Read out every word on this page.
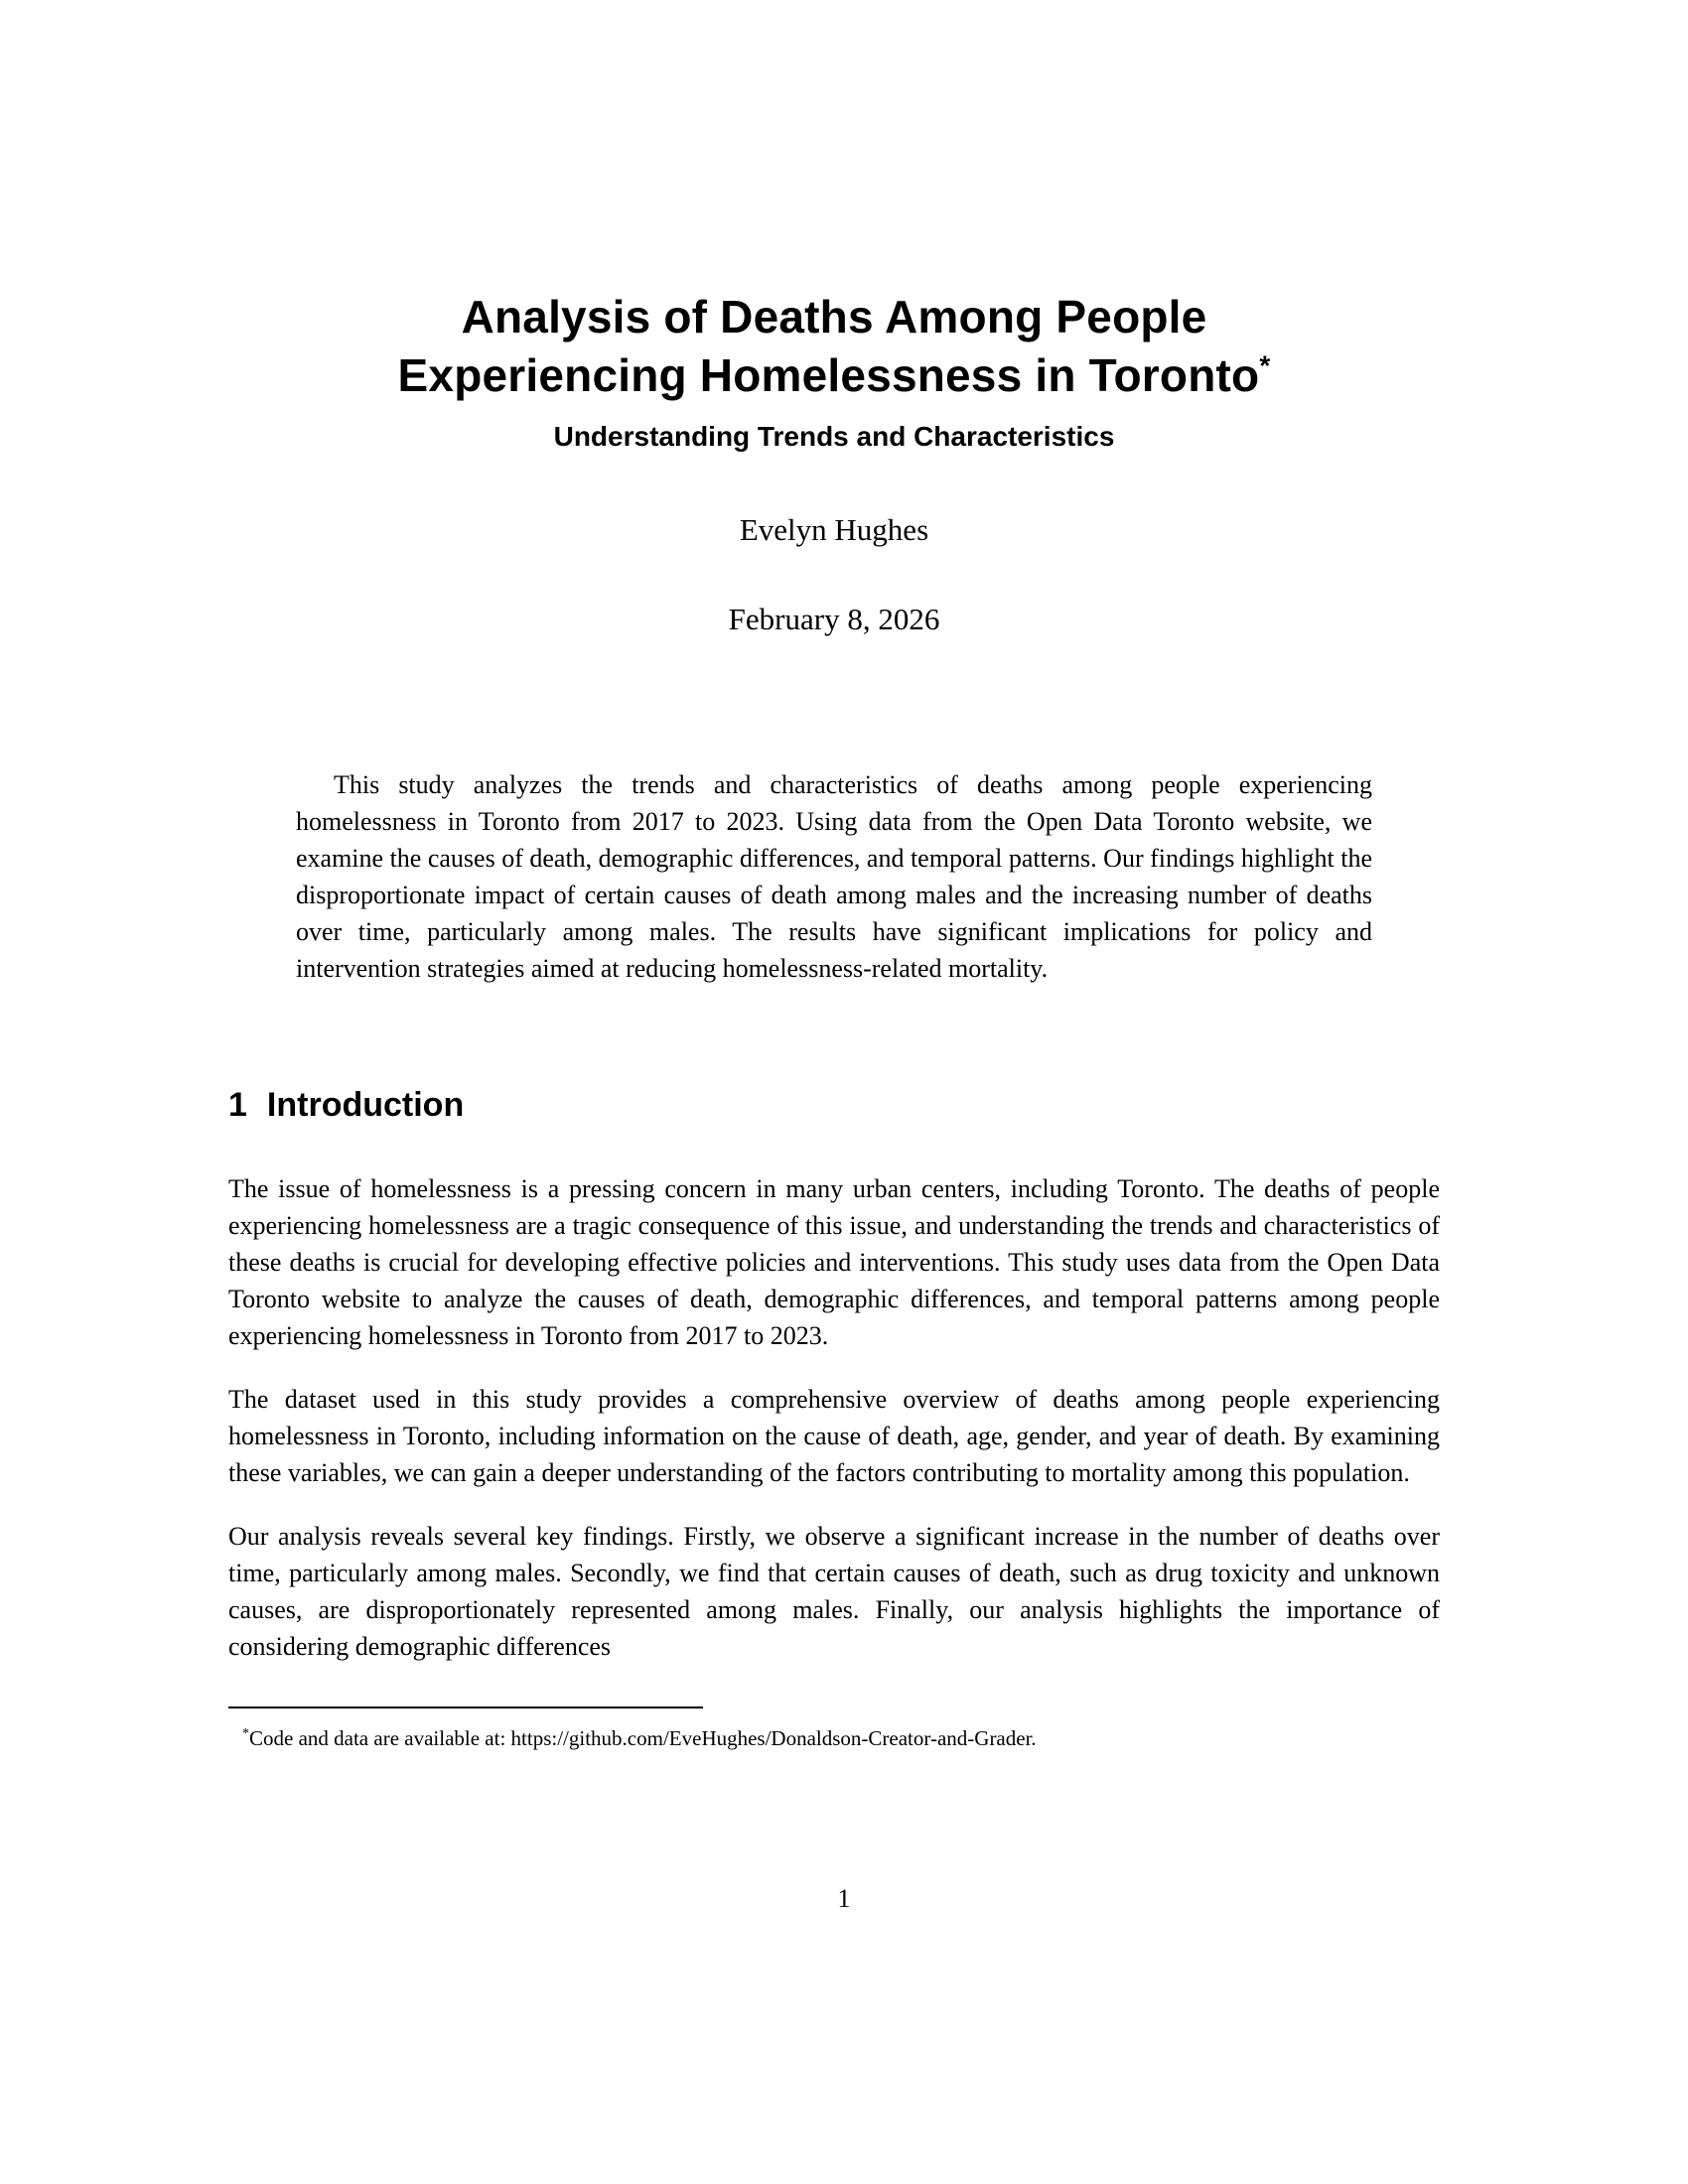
Analysis of Deaths Among People
Experiencing Homelessness in Toronto*
Understanding Trends and Characteristics
Evelyn Hughes
February 8, 2026

This study analyzes the trends and characteristics of deaths among people experiencing homelessness in Toronto from 2017 to 2023. Using data from the Open Data Toronto website, we examine the causes of death, demographic differences, and temporal patterns. Our findings highlight the disproportionate impact of certain causes of death among males and the increasing number of deaths over time, particularly among males. The results have significant implications for policy and intervention strategies aimed at reducing homelessness-related mortality.

1 Introduction

The issue of homelessness is a pressing concern in many urban centers, including Toronto. The deaths of people experiencing homelessness are a tragic consequence of this issue, and understanding the trends and characteristics of these deaths is crucial for developing effective policies and interventions. This study uses data from the Open Data Toronto website to analyze the causes of death, demographic differences, and temporal patterns among people experiencing homelessness in Toronto from 2017 to 2023.

The dataset used in this study provides a comprehensive overview of deaths among people experiencing homelessness in Toronto, including information on the cause of death, age, gender, and year of death. By examining these variables, we can gain a deeper understanding of the factors contributing to mortality among this population.

Our analysis reveals several key findings. Firstly, we observe a significant increase in the number of deaths over time, particularly among males. Secondly, we find that certain causes of death, such as drug toxicity and unknown causes, are disproportionately represented among males. Finally, our analysis highlights the importance of considering demographic differences

*Code and data are available at: https://github.com/EveHughes/Donaldson-Creator-and-Grader.
1
